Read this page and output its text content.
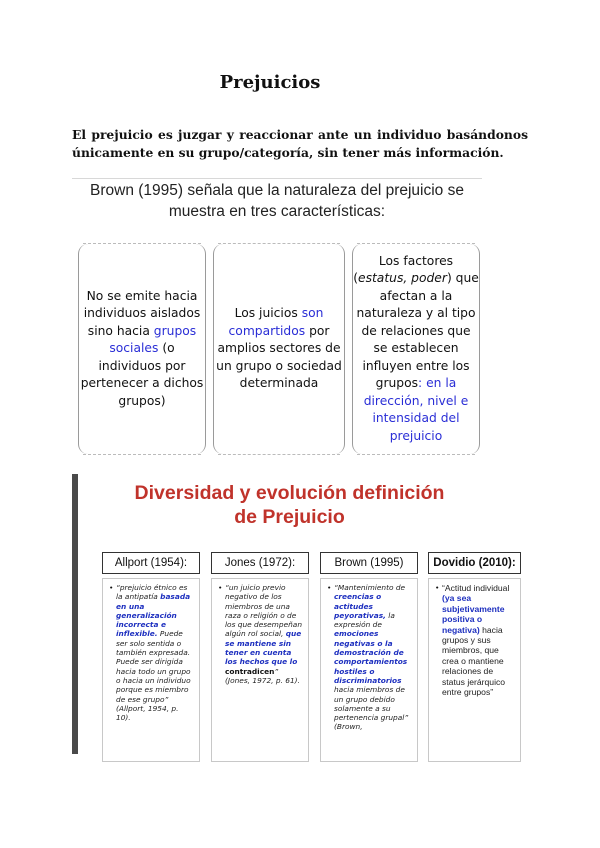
Prejuicios
El prejuicio es juzgar y reaccionar ante un individuo basándonos únicamente en su grupo/categoría, sin tener más información.
Brown (1995) señala que la naturaleza del prejuicio se
muestra en tres características:

No se emite hacia individuos aislados sino hacia grupos sociales (o individuos por pertenecer a dichos grupos)

Los juicios son compartidos por amplios sectores de un grupo o sociedad determinada

Los factores (estatus, poder) que afectan a la naturaleza y al tipo de relaciones que se establecen influyen entre los grupos: en la dirección, nivel e intensidad del prejuicio

Diversidad y evolución definición
de Prejuicio
Allport (1954):
• “prejuicio étnico es la antipatía basada en una generalización incorrecta e inflexible. Puede ser solo sentida o también expresada. Puede ser dirigida hacia todo un grupo o hacia un individuo porque es miembro de ese grupo” (Allport, 1954, p. 10).
Jones (1972):
• “un juicio previo negativo de los miembros de una raza o religión o de los que desempeñan algún rol social, que se mantiene sin tener en cuenta los hechos que lo contradicen” (Jones, 1972, p. 61).
Brown (1995)
• “Mantenimiento de creencias o actitudes peyorativas, la expresión de emociones negativas o la demostración de comportamientos hostiles o discriminatorios hacia miembros de un grupo debido solamente a su pertenencia grupal” (Brown,
Dovidio (2010):
• “Actitud individual (ya sea subjetivamente positiva o negativa) hacia grupos y sus miembros, que crea o mantiene relaciones de status jerárquico entre grupos”
